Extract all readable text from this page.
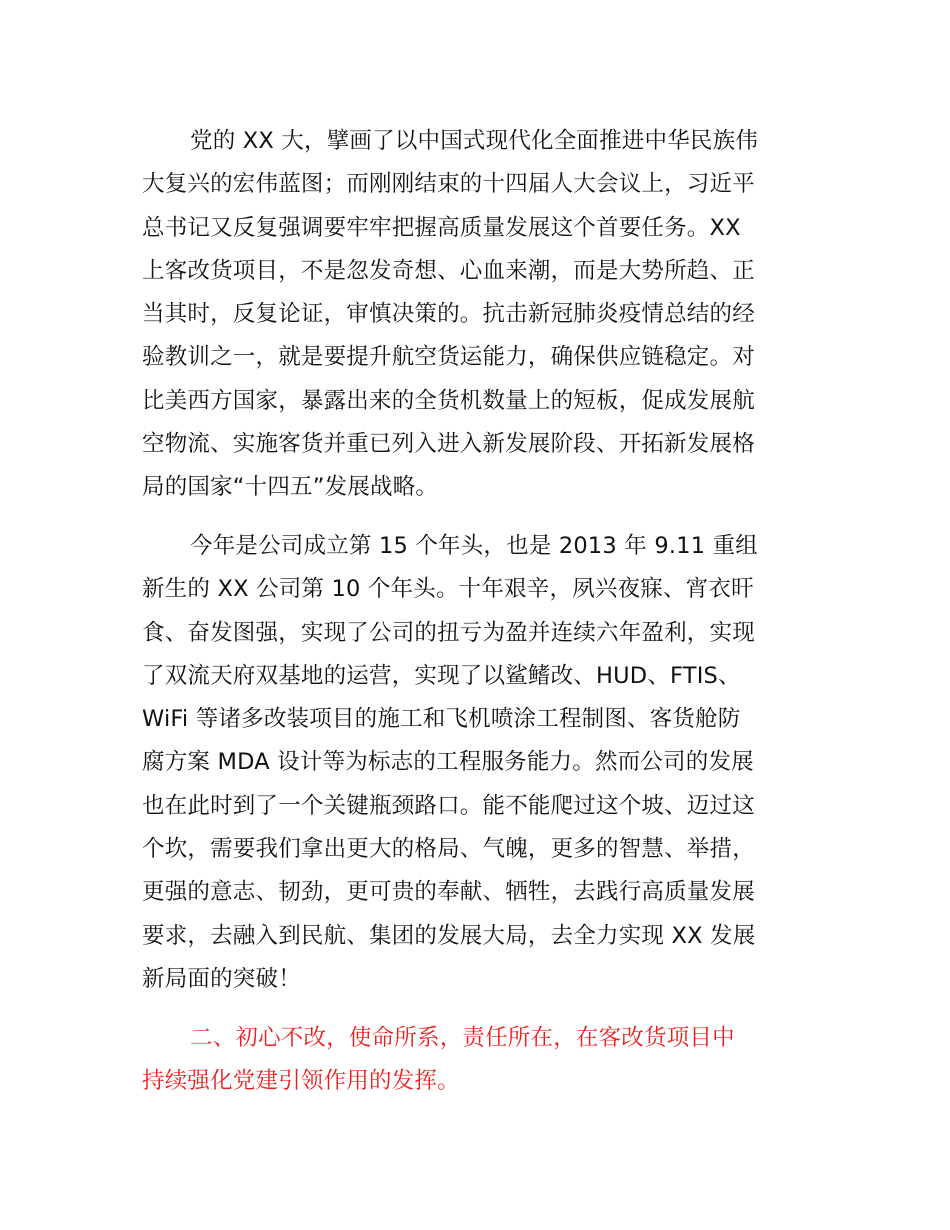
党的 XX 大，擘画了以中国式现代化全面推进中华民族伟
大复兴的宏伟蓝图；而刚刚结束的十四届人大会议上，习近平
总书记又反复强调要牢牢把握高质量发展这个首要任务。XX
上客改货项目，不是忽发奇想、心血来潮，而是大势所趋、正
当其时，反复论证，审慎决策的。抗击新冠肺炎疫情总结的经
验教训之一，就是要提升航空货运能力，确保供应链稳定。对
比美西方国家，暴露出来的全货机数量上的短板，促成发展航
空物流、实施客货并重已列入进入新发展阶段、开拓新发展格
局的国家“十四五”发展战略。

今年是公司成立第 15 个年头，也是 2013 年 9.11 重组
新生的 XX 公司第 10 个年头。十年艰辛，夙兴夜寐、宵衣旰
食、奋发图强，实现了公司的扭亏为盈并连续六年盈利，实现
了双流天府双基地的运营，实现了以鲨鳍改、HUD、FTIS、
WiFi 等诸多改装项目的施工和飞机喷涂工程制图、客货舱防
腐方案 MDA 设计等为标志的工程服务能力。然而公司的发展
也在此时到了一个关键瓶颈路口。能不能爬过这个坡、迈过这
个坎，需要我们拿出更大的格局、气魄，更多的智慧、举措，
更强的意志、韧劲，更可贵的奉献、牺牲，去践行高质量发展
要求，去融入到民航、集团的发展大局，去全力实现 XX 发展
新局面的突破！

二、初心不改，使命所系，责任所在，在客改货项目中
持续强化党建引领作用的发挥。
